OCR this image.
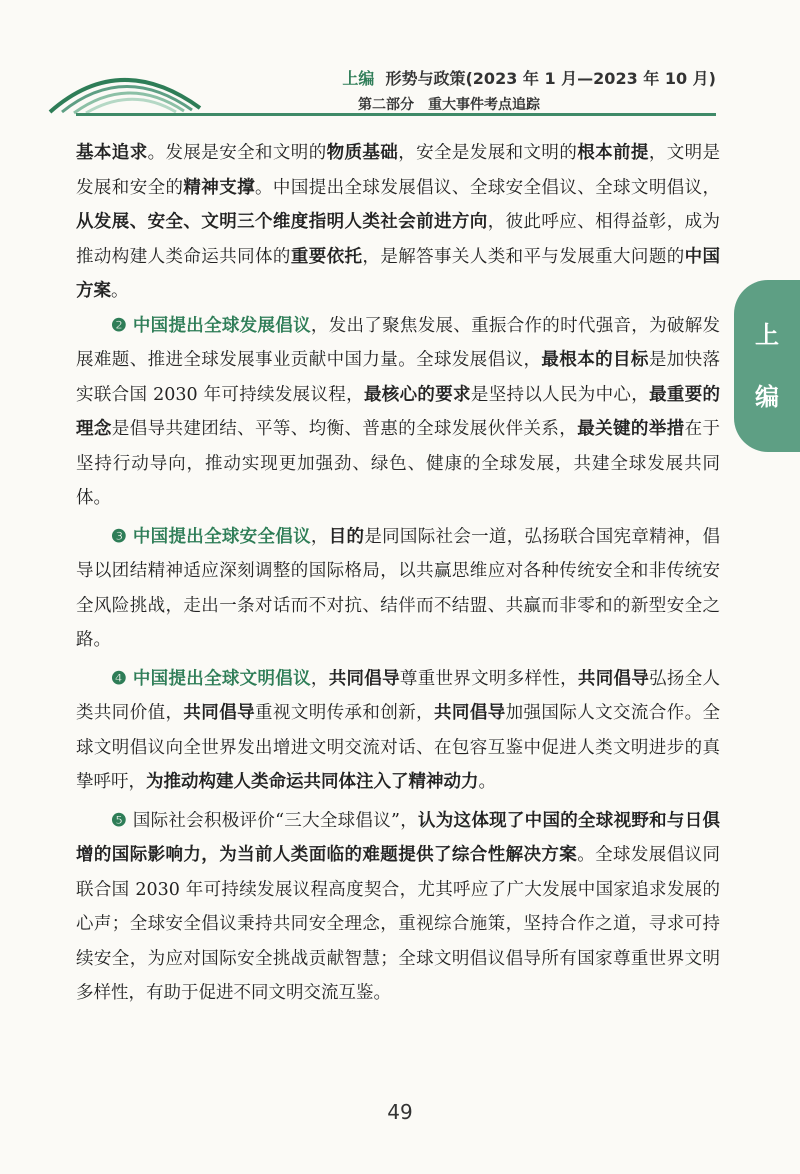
上编 形势与政策(2023 年 1 月—2023 年 10 月)
第二部分　重大事件考点追踪
上
编

基本追求。发展是安全和文明的物质基础，安全是发展和文明的根本前提，文明是发展和安全的精神支撑。中国提出全球发展倡议、全球安全倡议、全球文明倡议，从发展、安全、文明三个维度指明人类社会前进方向，彼此呼应、相得益彰，成为推动构建人类命运共同体的重要依托，是解答事关人类和平与发展重大问题的中国方案。

❷ 中国提出全球发展倡议，发出了聚焦发展、重振合作的时代强音，为破解发展难题、推进全球发展事业贡献中国力量。全球发展倡议，最根本的目标是加快落实联合国 2030 年可持续发展议程，最核心的要求是坚持以人民为中心，最重要的理念是倡导共建团结、平等、均衡、普惠的全球发展伙伴关系，最关键的举措在于坚持行动导向，推动实现更加强劲、绿色、健康的全球发展，共建全球发展共同体。

❸ 中国提出全球安全倡议，目的是同国际社会一道，弘扬联合国宪章精神，倡导以团结精神适应深刻调整的国际格局，以共赢思维应对各种传统安全和非传统安全风险挑战，走出一条对话而不对抗、结伴而不结盟、共赢而非零和的新型安全之路。

❹ 中国提出全球文明倡议，共同倡导尊重世界文明多样性，共同倡导弘扬全人类共同价值，共同倡导重视文明传承和创新，共同倡导加强国际人文交流合作。全球文明倡议向全世界发出增进文明交流对话、在包容互鉴中促进人类文明进步的真挚呼吁，为推动构建人类命运共同体注入了精神动力。

❺ 国际社会积极评价“三大全球倡议”，认为这体现了中国的全球视野和与日俱增的国际影响力，为当前人类面临的难题提供了综合性解决方案。全球发展倡议同联合国 2030 年可持续发展议程高度契合，尤其呼应了广大发展中国家追求发展的心声；全球安全倡议秉持共同安全理念，重视综合施策，坚持合作之道，寻求可持续安全，为应对国际安全挑战贡献智慧；全球文明倡议倡导所有国家尊重世界文明多样性，有助于促进不同文明交流互鉴。

49
